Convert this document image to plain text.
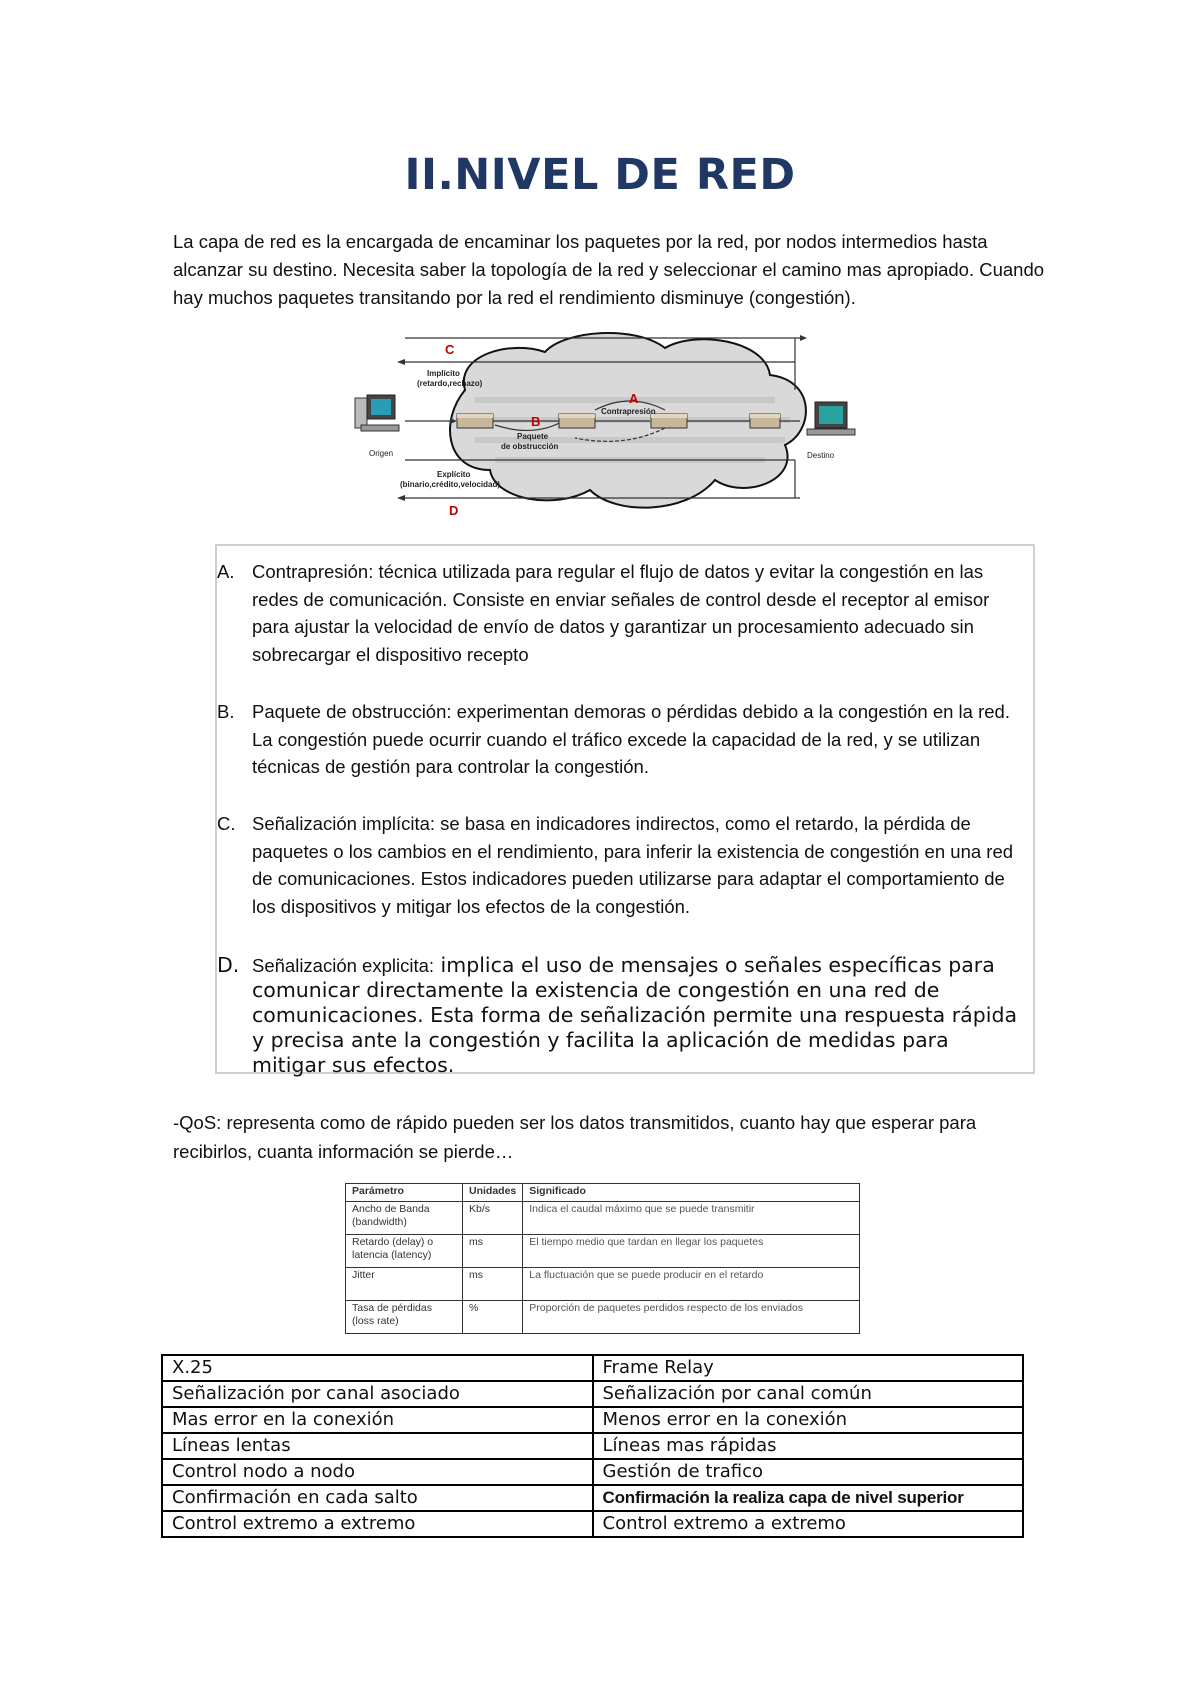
II.NIVEL DE RED

La capa de red es la encargada de encaminar los paquetes por la red, por nodos intermedios hasta alcanzar su destino. Necesita saber la topología de la red y seleccionar el camino mas apropiado. Cuando hay muchos paquetes transitando por la red el rendimiento disminuye (congestión).

C
Implícito
(retardo,rechazo)
A
Contrapresión
B
Paquete
de obstrucción
Origen	Destino
Explícito
(binario,crédito,velocidad)
D

A. Contrapresión: técnica utilizada para regular el flujo de datos y evitar la congestión en las redes de comunicación. Consiste en enviar señales de control desde el receptor al emisor para ajustar la velocidad de envío de datos y garantizar un procesamiento adecuado sin sobrecargar el dispositivo recepto

B. Paquete de obstrucción: experimentan demoras o pérdidas debido a la congestión en la red. La congestión puede ocurrir cuando el tráfico excede la capacidad de la red, y se utilizan técnicas de gestión para controlar la congestión.

C. Señalización implícita: se basa en indicadores indirectos, como el retardo, la pérdida de paquetes o los cambios en el rendimiento, para inferir la existencia de congestión en una red de comunicaciones. Estos indicadores pueden utilizarse para adaptar el comportamiento de los dispositivos y mitigar los efectos de la congestión.

D. Señalización explicita: implica el uso de mensajes o señales específicas para comunicar directamente la existencia de congestión en una red de comunicaciones. Esta forma de señalización permite una respuesta rápida y precisa ante la congestión y facilita la aplicación de medidas para mitigar sus efectos.

-QoS: representa como de rápido pueden ser los datos transmitidos, cuanto hay que esperar para recibirlos, cuanta información se pierde…

Parámetro	Unidades	Significado
Ancho de Banda (bandwidth)	Kb/s	Indica el caudal máximo que se puede transmitir
Retardo (delay) o latencia (latency)	ms	El tiempo medio que tardan en llegar los paquetes
Jitter	ms	La fluctuación que se puede producir en el retardo
Tasa de pérdidas (loss rate)	%	Proporción de paquetes perdidos respecto de los enviados
X.25	Frame Relay
Señalización por canal asociado	Señalización por canal común
Mas error en la conexión	Menos error en la conexión
Líneas lentas	Líneas mas rápidas
Control nodo a nodo	Gestión de trafico
Confirmación en cada salto	Confirmación la realiza capa de nivel superior
Control extremo a extremo	Control extremo a extremo
